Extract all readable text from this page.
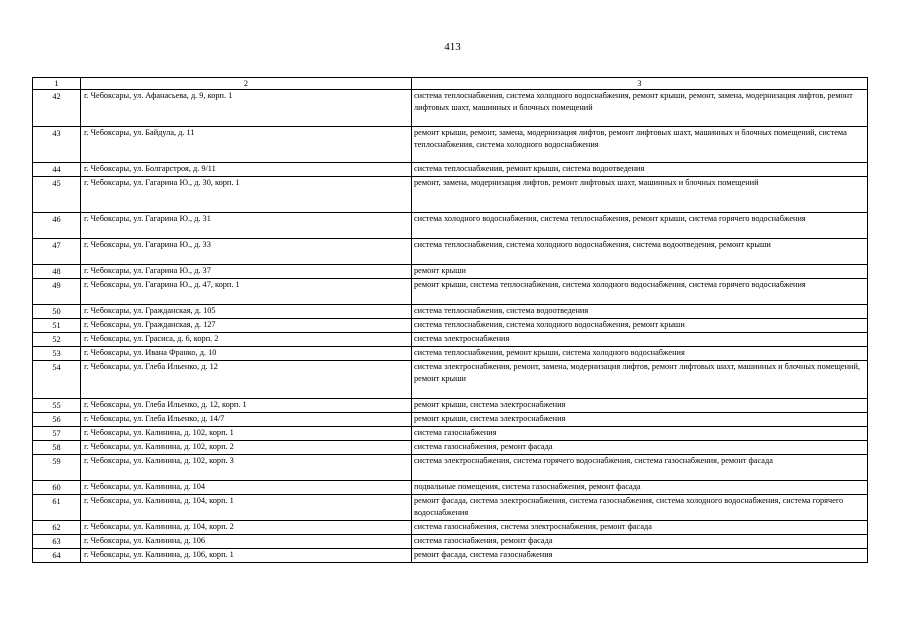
413
1	2	3
42	г. Чебоксары, ул. Афанасьева, д. 9, корп. 1	система теплоснабжения, система холодного водоснабжения, ремонт крыши, ремонт, замена, модернизация лифтов, ремонт лифтовых шахт, машинных и блочных помещений
43	г. Чебоксары, ул. Байдула, д. 11	ремонт крыши, ремонт, замена, модернизация лифтов, ремонт лифтовых шахт, машинных и блочных помещений, система теплоснабжения, система холодного водоснабжения
44	г. Чебоксары, ул. Болгарстроя, д. 9/11	система теплоснабжения, ремонт крыши, система водоотведения
45	г. Чебоксары, ул. Гагарина Ю., д. 30, корп. 1	ремонт, замена, модернизация лифтов, ремонт лифтовых шахт, машинных и блочных помещений
46	г. Чебоксары, ул. Гагарина Ю., д. 31	система холодного водоснабжения, система теплоснабжения, ремонт крыши, система горячего водоснабжения
47	г. Чебоксары, ул. Гагарина Ю., д. 33	система теплоснабжения, система холодного водоснабжения, система водоотведения, ремонт крыши
48	г. Чебоксары, ул. Гагарина Ю., д. 37	ремонт крыши
49	г. Чебоксары, ул. Гагарина Ю., д. 47, корп. 1	ремонт крыши, система теплоснабжения, система холодного водоснабжения, система горячего водоснабжения
50	г. Чебоксары, ул. Гражданская, д. 105	система теплоснабжения, система водоотведения
51	г. Чебоксары, ул. Гражданская, д. 127	система теплоснабжения, система холодного водоснабжения, ремонт крыши
52	г. Чебоксары, ул. Грасиса, д. 6, корп. 2	система электроснабжения
53	г. Чебоксары, ул. Ивана Франко, д. 10	система теплоснабжения, ремонт крыши, система холодного водоснабжения
54	г. Чебоксары, ул. Глеба Ильенко, д. 12	система электроснабжения, ремонт, замена, модернизация лифтов, ремонт лифтовых шахт, машинных и блочных помещений, ремонт крыши
55	г. Чебоксары, ул. Глеба Ильенко, д. 12, корп. 1	ремонт крыши, система электроснабжения
56	г. Чебоксары, ул. Глеба Ильенко, д. 14/7	ремонт крыши, система электроснабжения
57	г. Чебоксары, ул. Калинина, д. 102, корп. 1	система газоснабжения
58	г. Чебоксары, ул. Калинина, д. 102, корп. 2	система газоснабжения, ремонт фасада
59	г. Чебоксары, ул. Калинина, д. 102, корп. 3	система электроснабжения, система горячего водоснабжения, система газоснабжения, ремонт фасада
60	г. Чебоксары, ул. Калинина, д. 104	подвальные помещения, система газоснабжения, ремонт фасада
61	г. Чебоксары, ул. Калинина, д. 104, корп. 1	ремонт фасада, система электроснабжения, система газоснабжения, система холодного водоснабжения, система горячего водоснабжения
62	г. Чебоксары, ул. Калинина, д. 104, корп. 2	система газоснабжения, система электроснабжения, ремонт фасада
63	г. Чебоксары, ул. Калинина, д. 106	система газоснабжения, ремонт фасада
64	г. Чебоксары, ул. Калинина, д. 106, корп. 1	ремонт фасада, система газоснабжения
